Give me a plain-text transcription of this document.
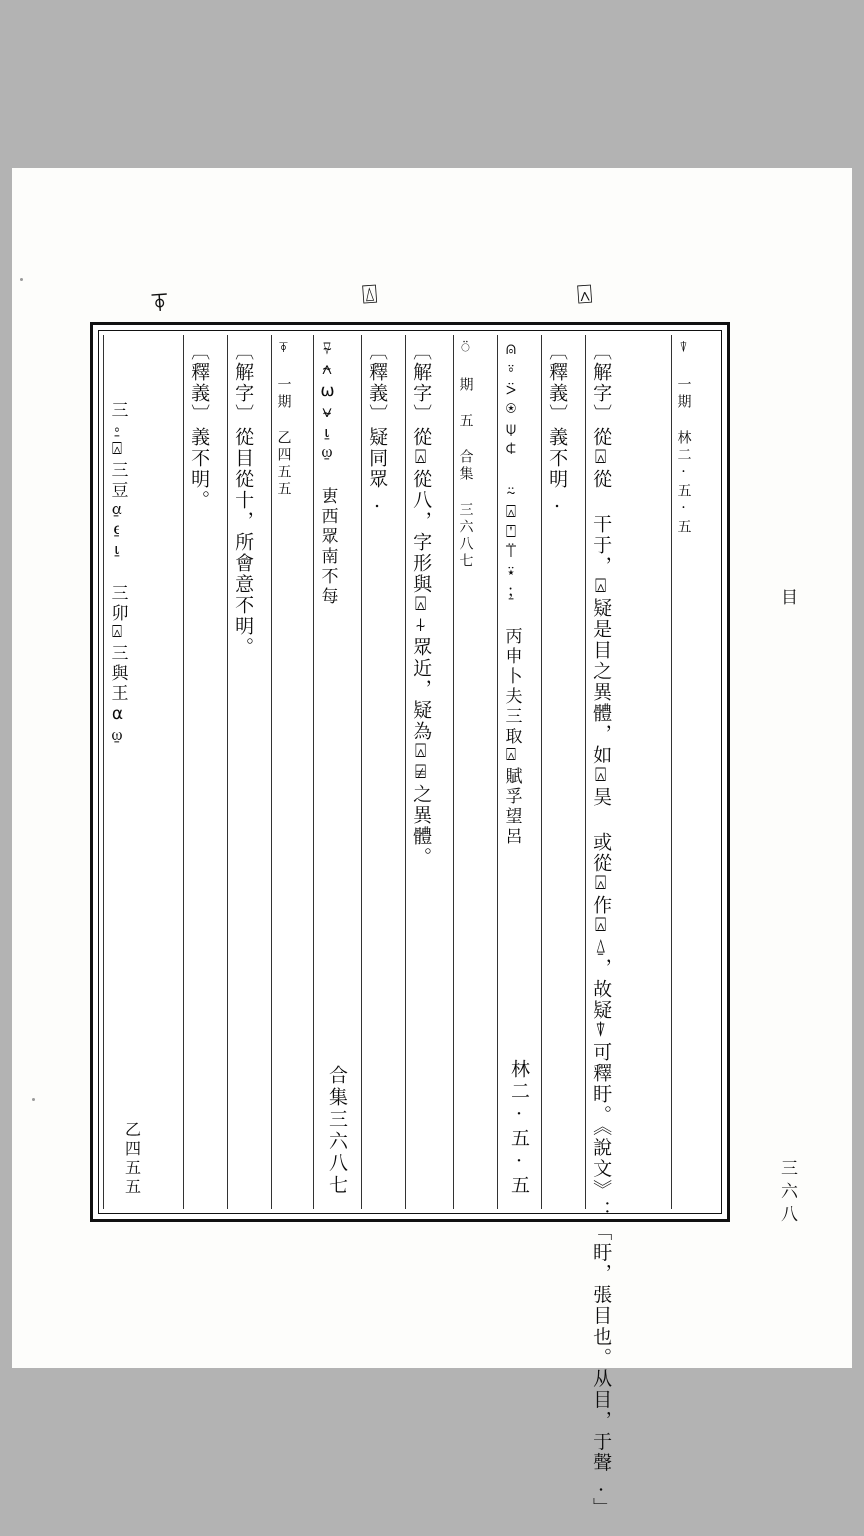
目
三六八
⍓
⍍
⍕
⍒ 一期 林二·五·五
〔解字〕
從⍓從 干于，⍓疑是目之異體，如⍓昊 或從⍓作⍓⍙，故疑⍒可釋盱。《說文》：「盱，張目也。从目，于聲.」
〔釋義〕
義不明.
⍝⍤⍩⍟⍦⍧ ⍨⍓⍞⍡⍣⍮ 丙申卜夫三取⍓賦孚望呂
林二·五·五
⍥ 期 五 合集 三六八七
〔解字〕
從⍓從八，字形與⍓⍭眾近，疑為⍓⍯之異體。
〔釋義〕
疑同眾.
⍫⍲⍵⍱⍸⍹ 叀西眾南不每
合集三六八七
⍕ 一期 乙四五五
〔解字〕
從目從十，所會意不明。
〔釋義〕
義不明。
三⍛⍓三豆⍶⍷⍸ 三卯⍓三與王⍺⍹
乙四五五
